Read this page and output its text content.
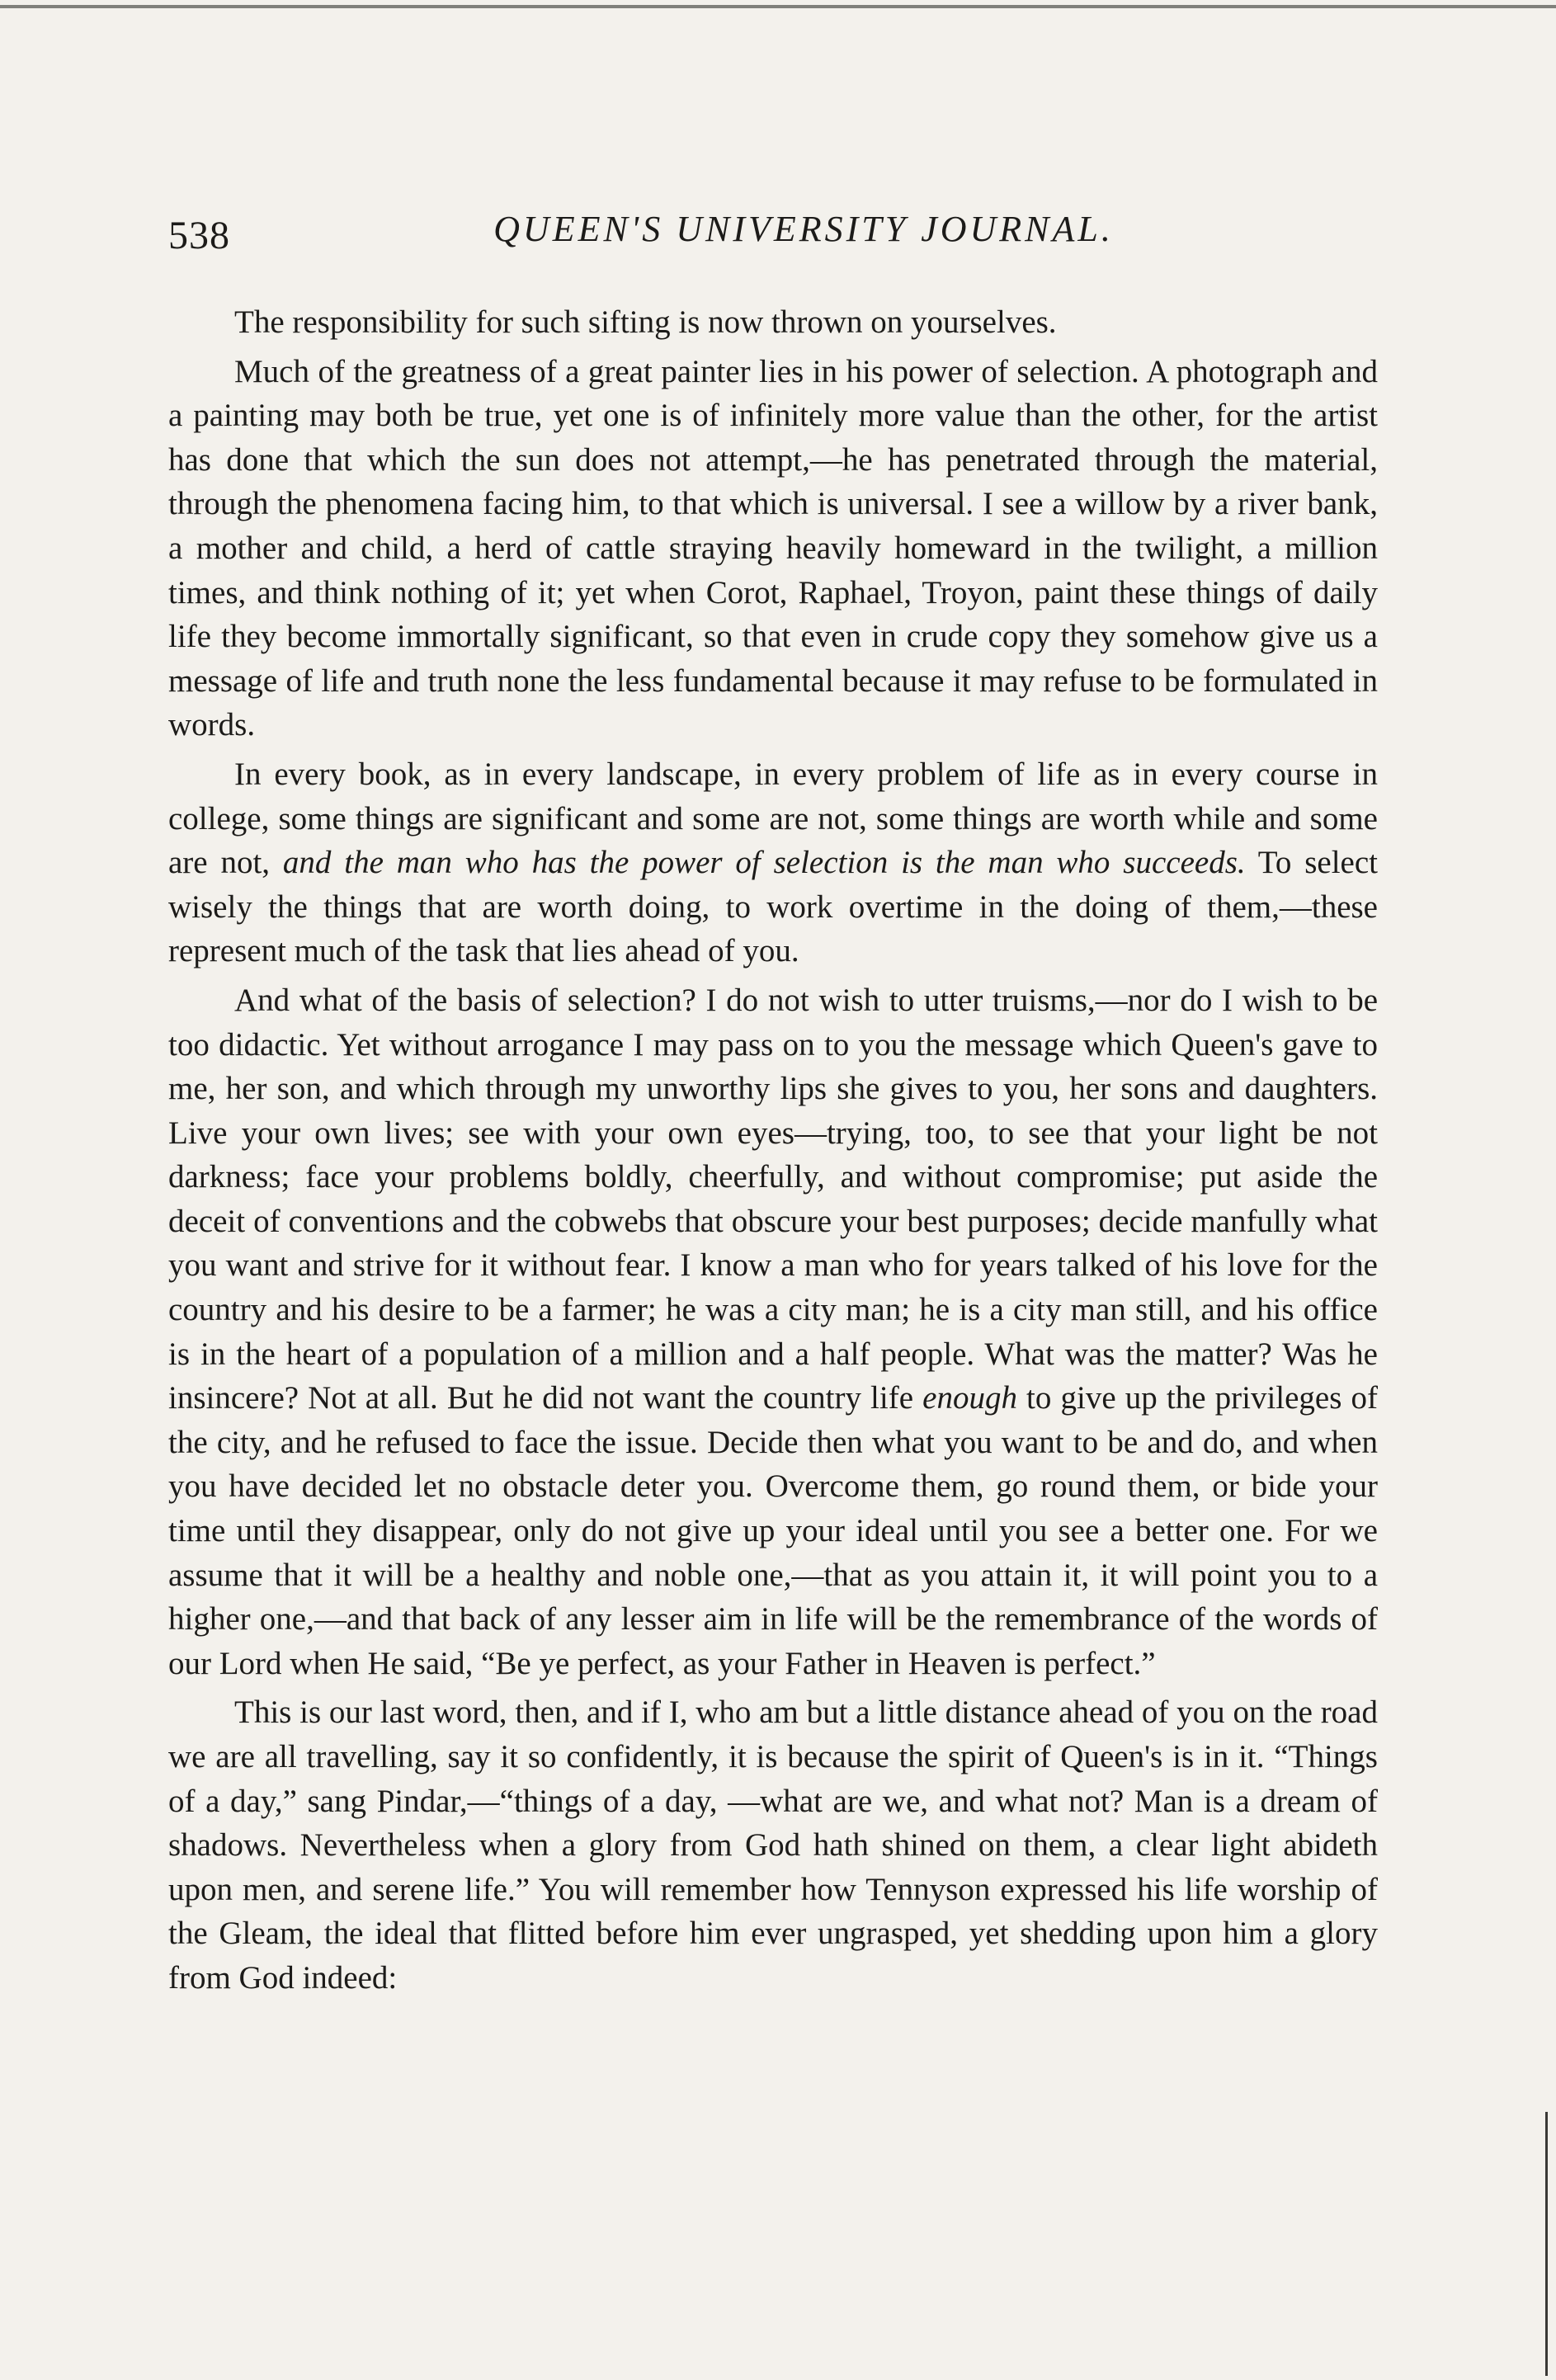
538	QUEEN'S UNIVERSITY JOURNAL.

The responsibility for such sifting is now thrown on yourselves.

Much of the greatness of a great painter lies in his power of selection. A photograph and a painting may both be true, yet one is of infinitely more value than the other, for the artist has done that which the sun does not attempt,—he has penetrated through the material, through the phenomena facing him, to that which is universal. I see a willow by a river bank, a mother and child, a herd of cattle straying heavily homeward in the twilight, a million times, and think nothing of it; yet when Corot, Raphael, Troyon, paint these things of daily life they become immortally significant, so that even in crude copy they somehow give us a message of life and truth none the less fundamental because it may refuse to be formulated in words.

In every book, as in every landscape, in every problem of life as in every course in college, some things are significant and some are not, some things are worth while and some are not, and the man who has the power of selection is the man who succeeds. To select wisely the things that are worth doing, to work overtime in the doing of them,—these represent much of the task that lies ahead of you.

And what of the basis of selection? I do not wish to utter truisms,—nor do I wish to be too didactic. Yet without arrogance I may pass on to you the message which Queen's gave to me, her son, and which through my unworthy lips she gives to you, her sons and daughters. Live your own lives; see with your own eyes—trying, too, to see that your light be not darkness; face your problems boldly, cheerfully, and without compromise; put aside the deceit of conventions and the cobwebs that obscure your best purposes; decide manfully what you want and strive for it without fear. I know a man who for years talked of his love for the country and his desire to be a farmer; he was a city man; he is a city man still, and his office is in the heart of a population of a million and a half people. What was the matter? Was he insincere? Not at all. But he did not want the country life enough to give up the privileges of the city, and he refused to face the issue. Decide then what you want to be and do, and when you have decided let no obstacle deter you. Overcome them, go round them, or bide your time until they disappear, only do not give up your ideal until you see a better one. For we assume that it will be a healthy and noble one,—that as you attain it, it will point you to a higher one,—and that back of any lesser aim in life will be the remembrance of the words of our Lord when He said, “Be ye perfect, as your Father in Heaven is perfect.”

This is our last word, then, and if I, who am but a little distance ahead of you on the road we are all travelling, say it so confidently, it is because the spirit of Queen's is in it. “Things of a day,” sang Pindar,—“things of a day, —what are we, and what not? Man is a dream of shadows. Nevertheless when a glory from God hath shined on them, a clear light abideth upon men, and serene life.” You will remember how Tennyson expressed his life worship of the Gleam, the ideal that flitted before him ever ungrasped, yet shedding upon him a glory from God indeed:
